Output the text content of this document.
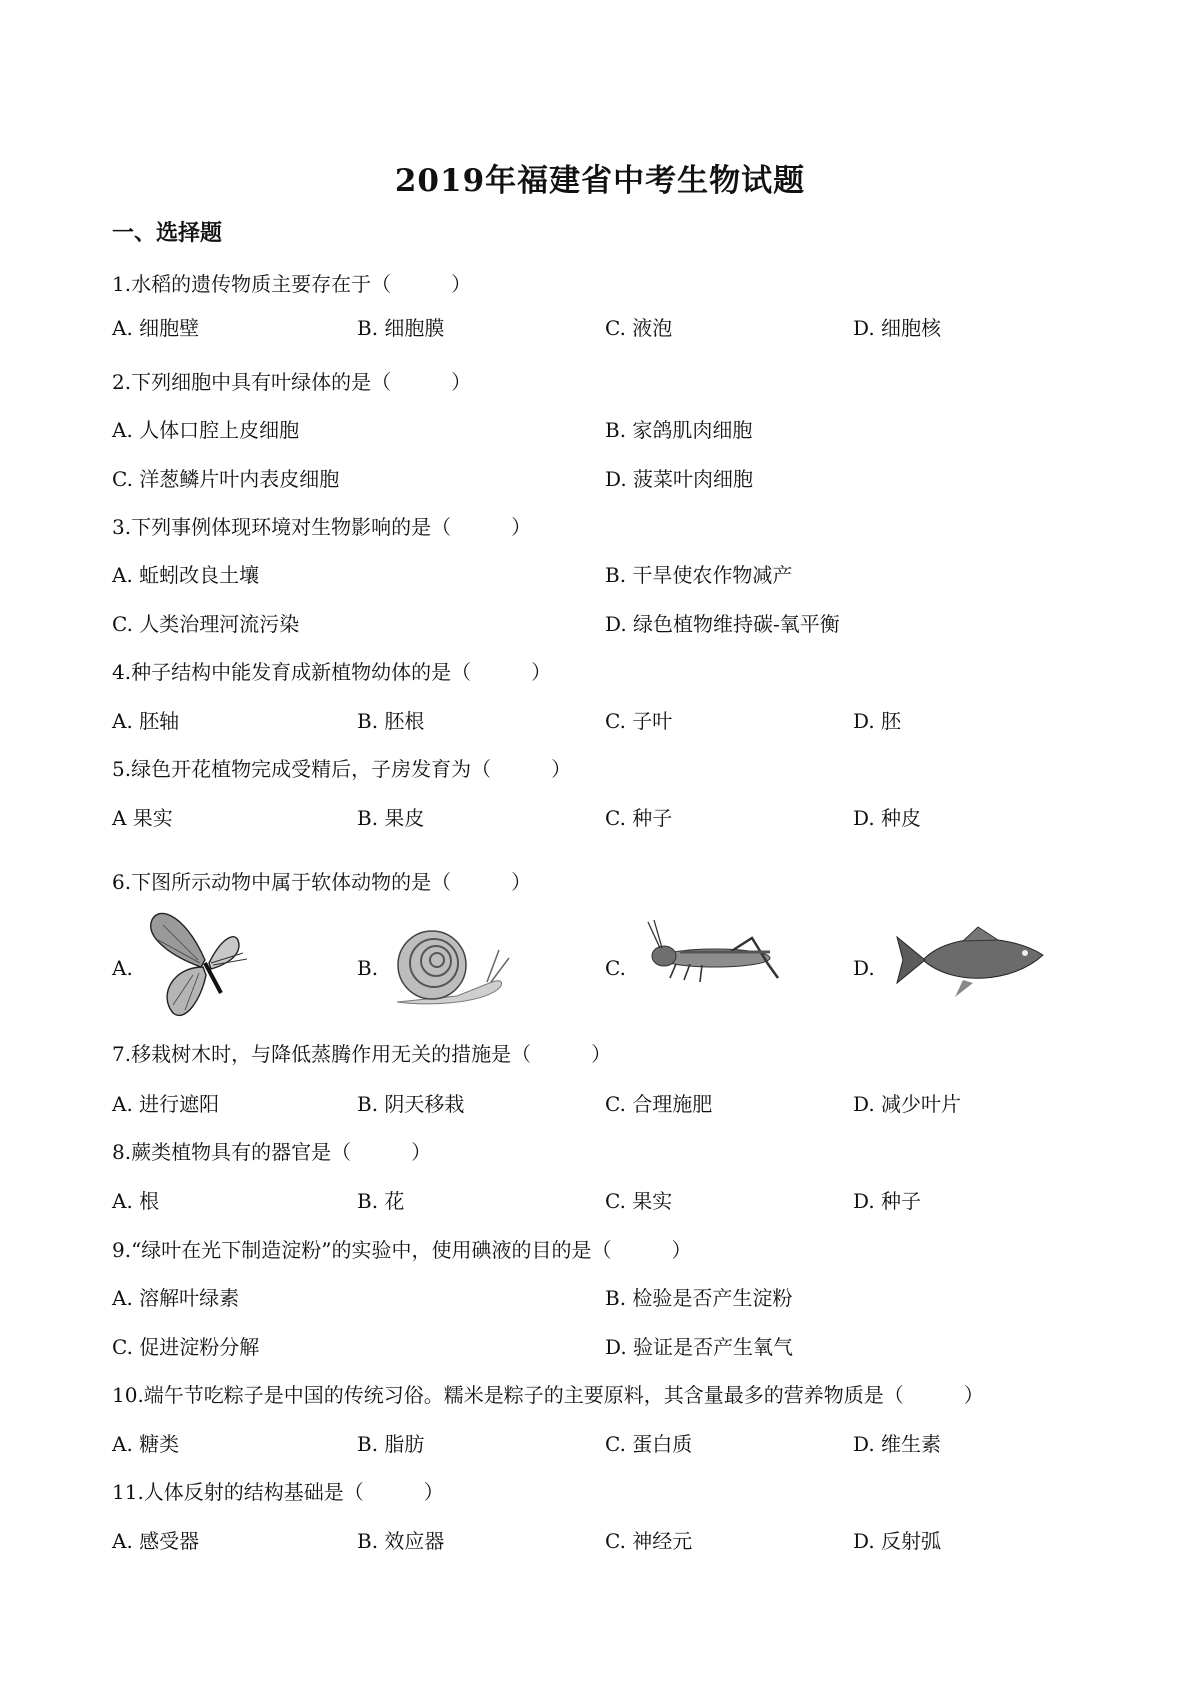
2019年福建省中考生物试题
一、选择题
1.水稻的遗传物质主要存在于（　　　）
A. 细胞壁	B. 细胞膜	C. 液泡	D. 细胞核
2.下列细胞中具有叶绿体的是（　　　）
A. 人体口腔上皮细胞	B. 家鸽肌肉细胞
C. 洋葱鳞片叶内表皮细胞	D. 菠菜叶肉细胞
3.下列事例体现环境对生物影响的是（　　　）
A. 蚯蚓改良土壤	B. 干旱使农作物减产
C. 人类治理河流污染	D. 绿色植物维持碳-氧平衡
4.种子结构中能发育成新植物幼体的是（　　　）
A. 胚轴	B. 胚根	C. 子叶	D. 胚
5.绿色开花植物完成受精后，子房发育为（　　　）
A 果实	B. 果皮	C. 种子	D. 种皮
6.下图所示动物中属于软体动物的是（　　　）
A.	B.	C.	D.
7.移栽树木时，与降低蒸腾作用无关的措施是（　　　）
A. 进行遮阳	B. 阴天移栽	C. 合理施肥	D. 减少叶片
8.蕨类植物具有的器官是（　　　）
A. 根	B. 花	C. 果实	D. 种子
9.“绿叶在光下制造淀粉”的实验中，使用碘液的目的是（　　　）
A. 溶解叶绿素	B. 检验是否产生淀粉
C. 促进淀粉分解	D. 验证是否产生氧气
10.端午节吃粽子是中国的传统习俗。糯米是粽子的主要原料，其含量最多的营养物质是（　　　）
A. 糖类	B. 脂肪	C. 蛋白质	D. 维生素
11.人体反射的结构基础是（　　　）
A. 感受器	B. 效应器	C. 神经元	D. 反射弧
